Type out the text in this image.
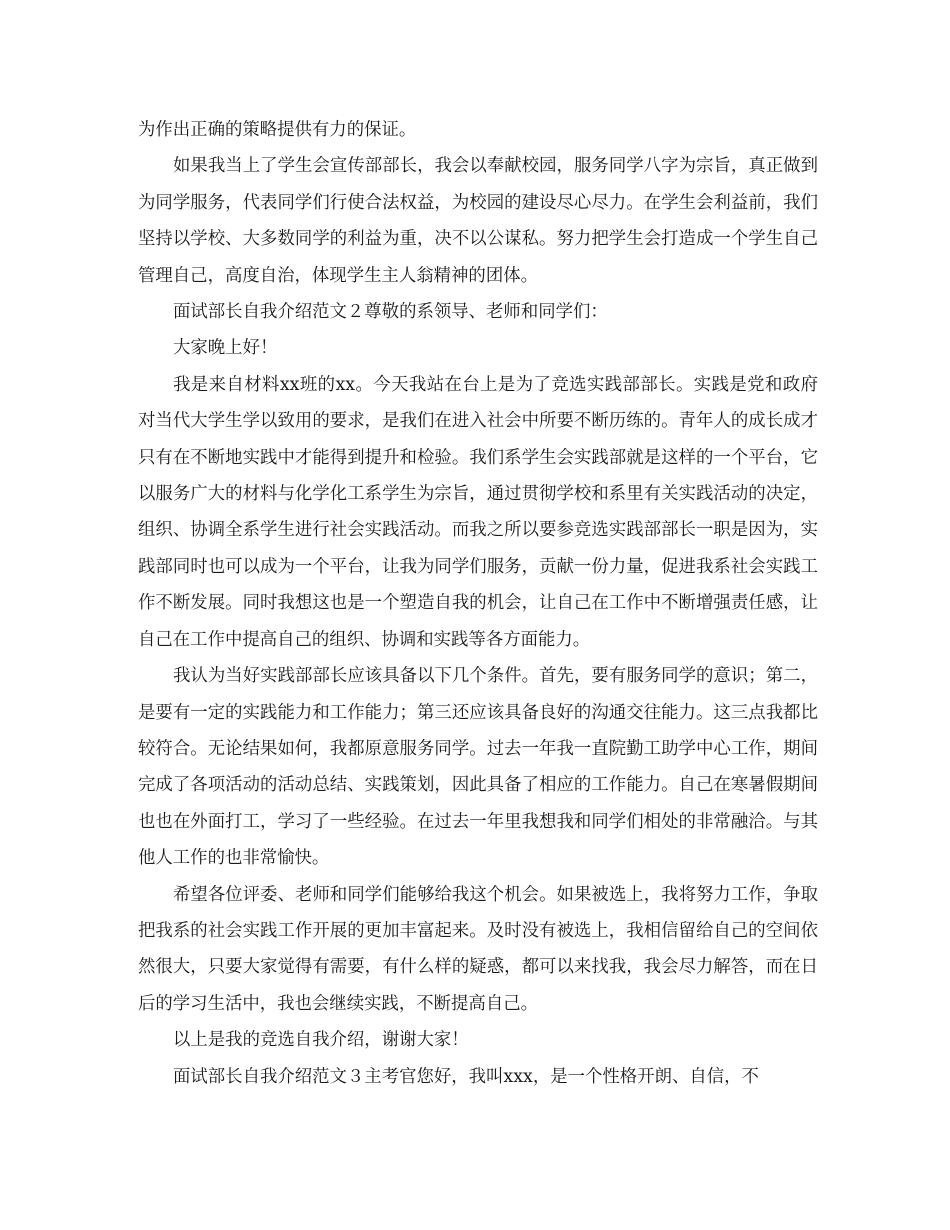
为作出正确的策略提供有力的保证。

如果我当上了学生会宣传部部长，我会以奉献校园，服务同学八字为宗旨，真正做到为同学服务，代表同学们行使合法权益，为校园的建设尽心尽力。在学生会利益前，我们坚持以学校、大多数同学的利益为重，决不以公谋私。努力把学生会打造成一个学生自己管理自己，高度自治，体现学生主人翁精神的团体。

面试部长自我介绍范文２尊敬的系领导、老师和同学们：

大家晚上好！

我是来自材料xx班的xx。今天我站在台上是为了竞选实践部部长。实践是党和政府对当代大学生学以致用的要求，是我们在进入社会中所要不断历练的。青年人的成长成才只有在不断地实践中才能得到提升和检验。我们系学生会实践部就是这样的一个平台，它以服务广大的材料与化学化工系学生为宗旨，通过贯彻学校和系里有关实践活动的决定，组织、协调全系学生进行社会实践活动。而我之所以要参竞选实践部部长一职是因为，实践部同时也可以成为一个平台，让我为同学们服务，贡献一份力量，促进我系社会实践工作不断发展。同时我想这也是一个塑造自我的机会，让自己在工作中不断增强责任感，让自己在工作中提高自己的组织、协调和实践等各方面能力。

我认为当好实践部部长应该具备以下几个条件。首先，要有服务同学的意识；第二，是要有一定的实践能力和工作能力；第三还应该具备良好的沟通交往能力。这三点我都比较符合。无论结果如何，我都原意服务同学。过去一年我一直院勤工助学中心工作，期间完成了各项活动的活动总结、实践策划，因此具备了相应的工作能力。自己在寒暑假期间也也在外面打工，学习了一些经验。在过去一年里我想我和同学们相处的非常融洽。与其他人工作的也非常愉快。

希望各位评委、老师和同学们能够给我这个机会。如果被选上，我将努力工作，争取把我系的社会实践工作开展的更加丰富起来。及时没有被选上，我相信留给自己的空间依然很大，只要大家觉得有需要，有什么样的疑惑，都可以来找我，我会尽力解答，而在日后的学习生活中，我也会继续实践，不断提高自己。

以上是我的竞选自我介绍，谢谢大家！

面试部长自我介绍范文３主考官您好，我叫xxx，是一个性格开朗、自信，不
